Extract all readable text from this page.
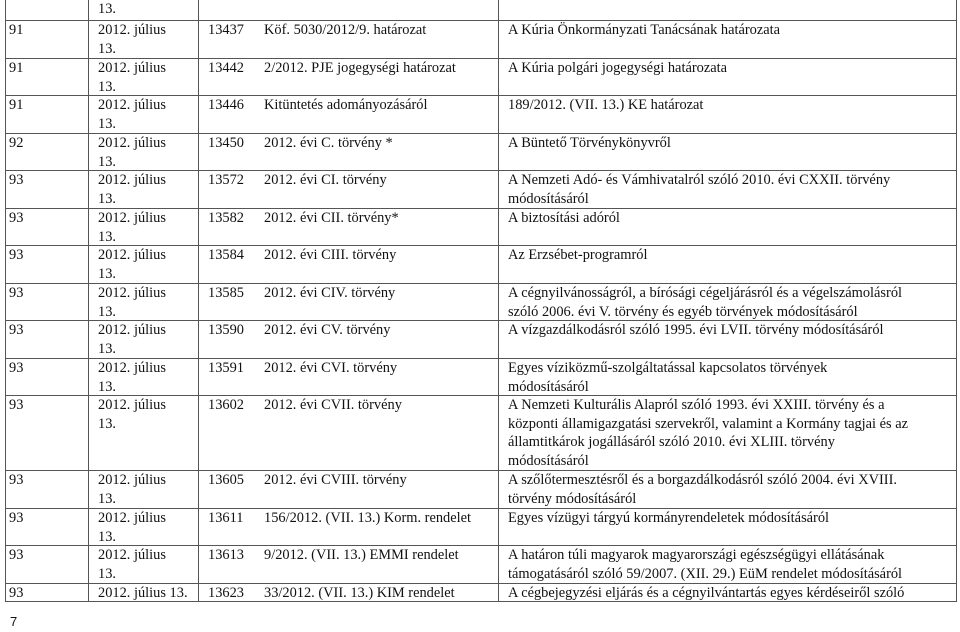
13.
91	2012. július
13.
13437 Köf. 5030/2012/9. határozat	A Kúria Önkormányzati Tanácsának határozata
91	2012. július
13.
13442 2/2012. PJE jogegységi határozat	A Kúria polgári jogegységi határozata
91	2012. július
13.
13446 Kitüntetés adományozásáról	189/2012. (VII. 13.) KE határozat
92	2012. július
13.
13450 2012. évi C. törvény *	A Büntető Törvénykönyvről
93	2012. július
13.
13572 2012. évi CI. törvény	A Nemzeti Adó- és Vámhivatalról szóló 2010. évi CXXII. törvény
módosításáról
93	2012. július
13.
13582 2012. évi CII. törvény*	A biztosítási adóról
93	2012. július
13.
13584 2012. évi CIII. törvény	Az Erzsébet-programról
93	2012. július
13.
13585 2012. évi CIV. törvény	A cégnyilvánosságról, a bírósági cégeljárásról és a végelszámolásról
szóló 2006. évi V. törvény és egyéb törvények módosításáról
93	2012. július
13.
13590 2012. évi CV. törvény	A vízgazdálkodásról szóló 1995. évi LVII. törvény módosításáról
93	2012. július
13.
13591 2012. évi CVI. törvény	Egyes víziközmű-szolgáltatással kapcsolatos törvények
módosításáról
93	2012. július
13.
13602 2012. évi CVII. törvény	A Nemzeti Kulturális Alapról szóló 1993. évi XXIII. törvény és a
központi államigazgatási szervekről, valamint a Kormány tagjai és az
államtitkárok jogállásáról szóló 2010. évi XLIII. törvény
módosításáról
93	2012. július
13.
13605 2012. évi CVIII. törvény	A szőlőtermesztésről és a borgazdálkodásról szóló 2004. évi XVIII.
törvény módosításáról
93	2012. július
13.
13611 156/2012. (VII. 13.) Korm. rendelet	Egyes vízügyi tárgyú kormányrendeletek módosításáról
93	2012. július
13.
13613 9/2012. (VII. 13.) EMMI rendelet	A határon túli magyarok magyarországi egészségügyi ellátásának
támogatásáról szóló 59/2007. (XII. 29.) EüM rendelet módosításáról
93	2012. július 13. 13623 33/2012. (VII. 13.) KIM rendelet	A cégbejegyzési eljárás és a cégnyilvántartás egyes kérdéseiről szóló
7
